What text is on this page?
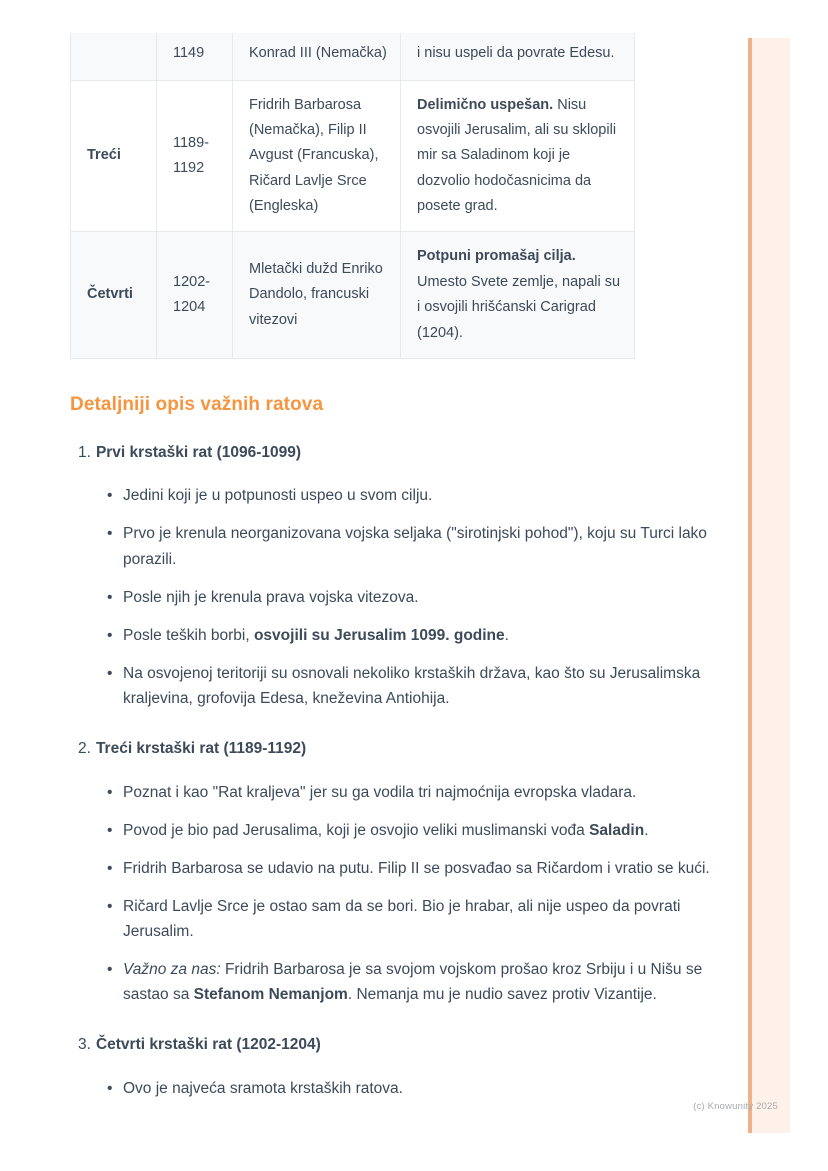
	1149	Konrad III (Nemačka)	i nisu uspeli da povrate Edesu.
Treći	1189-1192	Fridrih Barbarosa (Nemačka), Filip II Avgust (Francuska), Ričard Lavlje Srce (Engleska)	Delimično uspešan. Nisu osvojili Jerusalim, ali su sklopili mir sa Saladinom koji je dozvolio hodočasnicima da posete grad.
Četvrti	1202-1204	Mletački dužd Enriko Dandolo, francuski vitezovi	Potpuni promašaj cilja. Umesto Svete zemlje, napali su i osvojili hrišćanski Carigrad (1204).
Detaljniji opis važnih ratova
1. Prvi krstaški rat (1096-1099)
• Jedini koji je u potpunosti uspeo u svom cilju.
• Prvo je krenula neorganizovana vojska seljaka ("sirotinjski pohod"), koju su Turci lako porazili.
• Posle njih je krenula prava vojska vitezova.
• Posle teških borbi, osvojili su Jerusalim 1099. godine.
• Na osvojenoj teritoriji su osnovali nekoliko krstaških država, kao što su Jerusalimska kraljevina, grofovija Edesa, kneževina Antiohija.
2. Treći krstaški rat (1189-1192)
• Poznat i kao "Rat kraljeva" jer su ga vodila tri najmoćnija evropska vladara.
• Povod je bio pad Jerusalima, koji je osvojio veliki muslimanski vođa Saladin.
• Fridrih Barbarosa se udavio na putu. Filip II se posvađao sa Ričardom i vratio se kući.
• Ričard Lavlje Srce je ostao sam da se bori. Bio je hrabar, ali nije uspeo da povrati Jerusalim.
• Važno za nas: Fridrih Barbarosa je sa svojom vojskom prošao kroz Srbiju i u Nišu se sastao sa Stefanom Nemanjom. Nemanja mu je nudio savez protiv Vizantije.
3. Četvrti krstaški rat (1202-1204)
• Ovo je najveća sramota krstaških ratova.
(c) Knowunity 2025
